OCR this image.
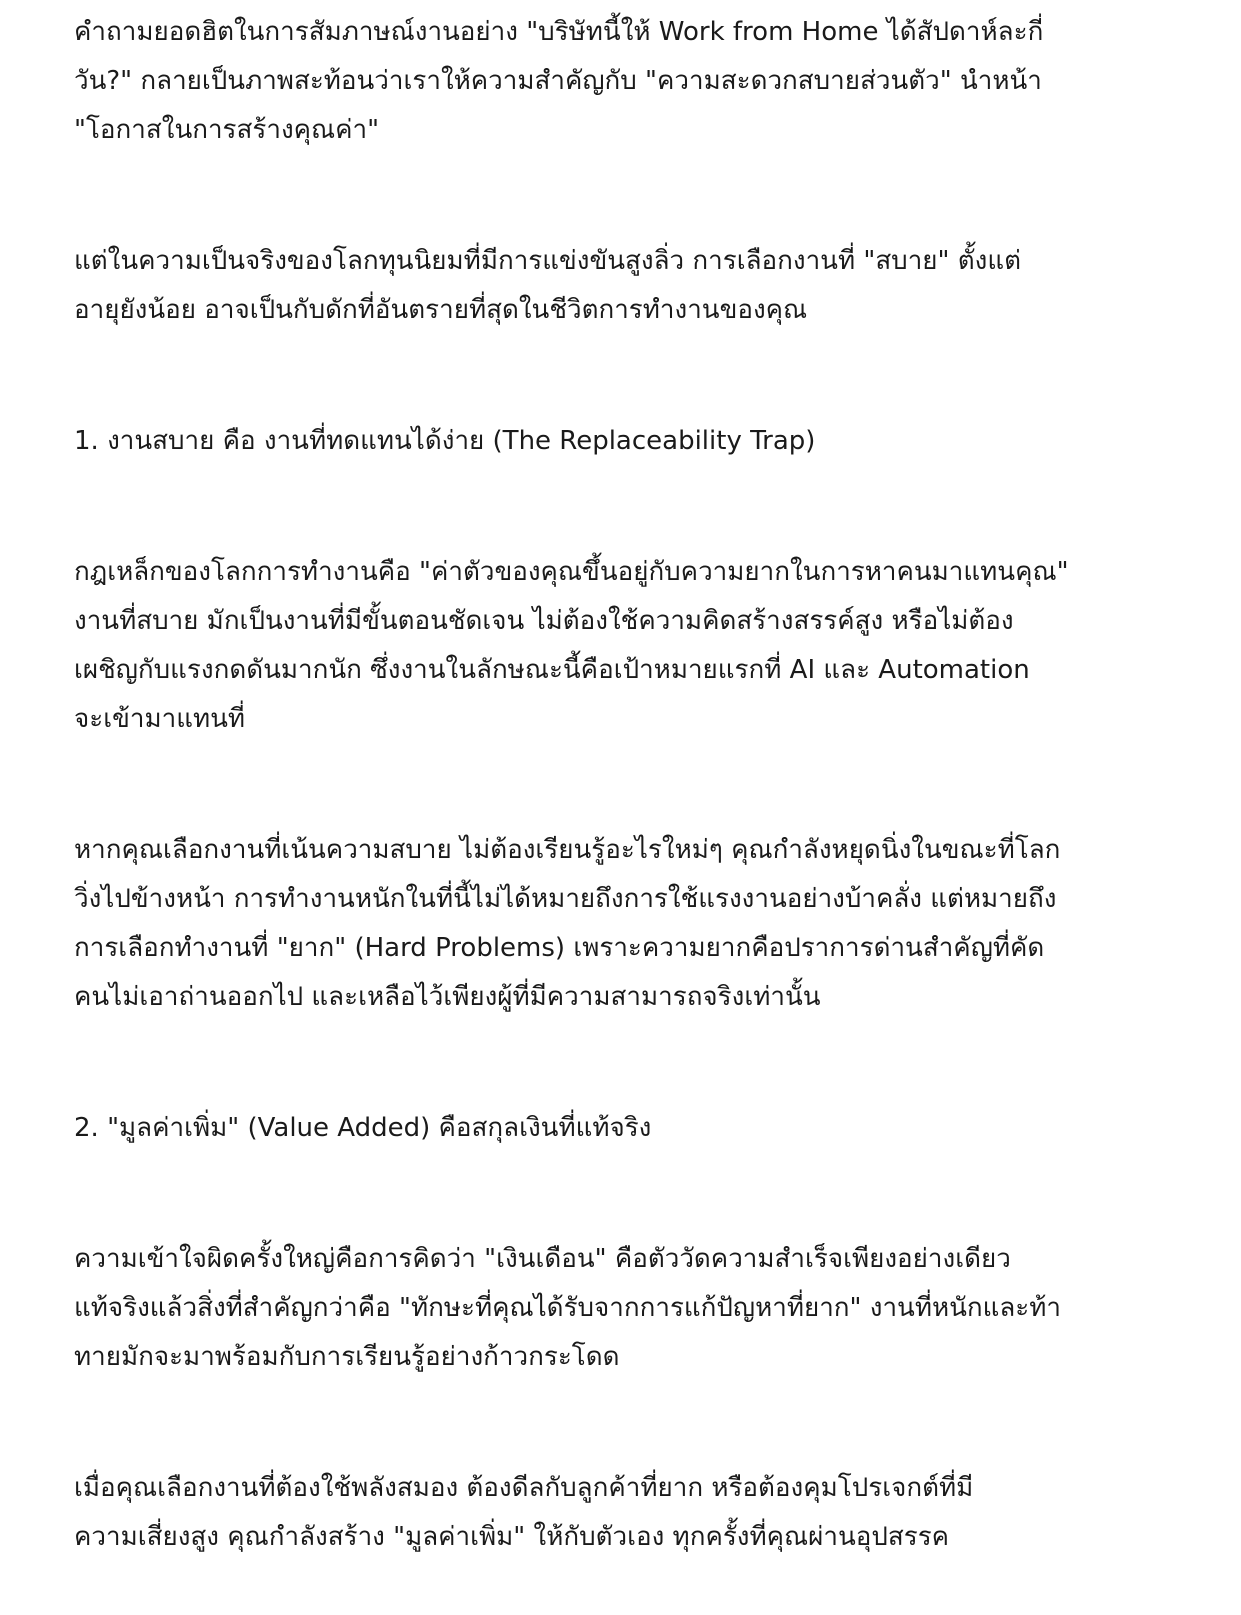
คำถามยอดฮิตในการสัมภาษณ์งานอย่าง "บริษัทนี้ให้ Work from Home ได้สัปดาห์ละกี่
วัน?" กลายเป็นภาพสะท้อนว่าเราให้ความสำคัญกับ "ความสะดวกสบายส่วนตัว" นำหน้า
"โอกาสในการสร้างคุณค่า"

แต่ในความเป็นจริงของโลกทุนนิยมที่มีการแข่งขันสูงลิ่ว การเลือกงานที่ "สบาย" ตั้งแต่
อายุยังน้อย อาจเป็นกับดักที่อันตรายที่สุดในชีวิตการทำงานของคุณ

1. งานสบาย คือ งานที่ทดแทนได้ง่าย (The Replaceability Trap)

กฎเหล็กของโลกการทำงานคือ "ค่าตัวของคุณขึ้นอยู่กับความยากในการหาคนมาแทนคุณ"
งานที่สบาย มักเป็นงานที่มีขั้นตอนชัดเจน ไม่ต้องใช้ความคิดสร้างสรรค์สูง หรือไม่ต้อง
เผชิญกับแรงกดดันมากนัก ซึ่งงานในลักษณะนี้คือเป้าหมายแรกที่ AI และ Automation
จะเข้ามาแทนที่

หากคุณเลือกงานที่เน้นความสบาย ไม่ต้องเรียนรู้อะไรใหม่ๆ คุณกำลังหยุดนิ่งในขณะที่โลก
วิ่งไปข้างหน้า การทำงานหนักในที่นี้ไม่ได้หมายถึงการใช้แรงงานอย่างบ้าคลั่ง แต่หมายถึง
การเลือกทำงานที่ "ยาก" (Hard Problems) เพราะความยากคือปราการด่านสำคัญที่คัด
คนไม่เอาถ่านออกไป และเหลือไว้เพียงผู้ที่มีความสามารถจริงเท่านั้น

2. "มูลค่าเพิ่ม" (Value Added) คือสกุลเงินที่แท้จริง

ความเข้าใจผิดครั้งใหญ่คือการคิดว่า "เงินเดือน" คือตัววัดความสำเร็จเพียงอย่างเดียว
แท้จริงแล้วสิ่งที่สำคัญกว่าคือ "ทักษะที่คุณได้รับจากการแก้ปัญหาที่ยาก" งานที่หนักและท้า
ทายมักจะมาพร้อมกับการเรียนรู้อย่างก้าวกระโดด

เมื่อคุณเลือกงานที่ต้องใช้พลังสมอง ต้องดีลกับลูกค้าที่ยาก หรือต้องคุมโปรเจกต์ที่มี
ความเสี่ยงสูง คุณกำลังสร้าง "มูลค่าเพิ่ม" ให้กับตัวเอง ทุกครั้งที่คุณผ่านอุปสรรค
